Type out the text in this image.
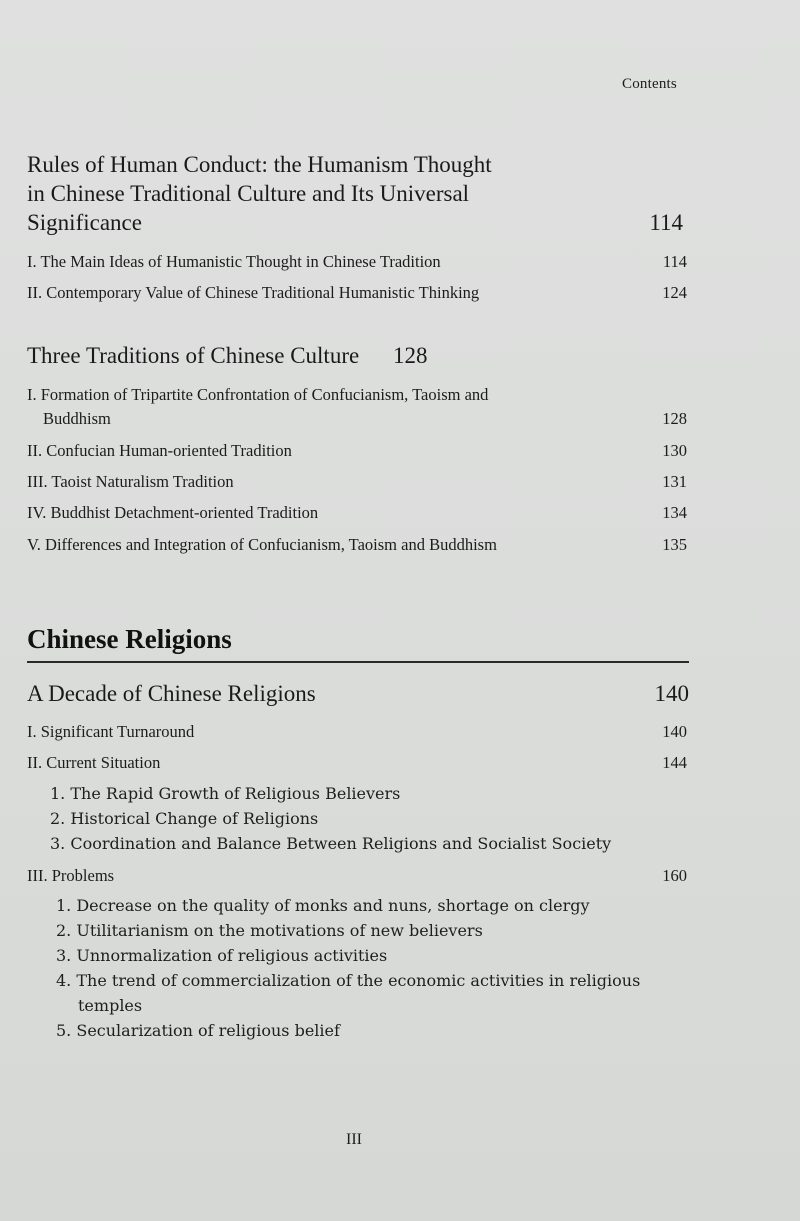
Contents
Rules of Human Conduct: the Humanism Thought
in Chinese Traditional Culture and Its Universal
Significance	114
I. The Main Ideas of Humanistic Thought in Chinese Tradition	114
II. Contemporary Value of Chinese Traditional Humanistic Thinking	124
Three Traditions of Chinese Culture 128
I. Formation of Tripartite Confrontation of Confucianism, Taoism and
Buddhism	128
II. Confucian Human-oriented Tradition	130
III. Taoist Naturalism Tradition	131
IV. Buddhist Detachment-oriented Tradition	134
V. Differences and Integration of Confucianism, Taoism and Buddhism	135
Chinese Religions
A Decade of Chinese Religions	140
I. Significant Turnaround	140
II. Current Situation	144
1. The Rapid Growth of Religious Believers
2. Historical Change of Religions
3. Coordination and Balance Between Religions and Socialist Society
III. Problems	160
1. Decrease on the quality of monks and nuns, shortage on clergy
2. Utilitarianism on the motivations of new believers
3. Unnormalization of religious activities
4. The trend of commercialization of the economic activities in religious
temples
5. Secularization of religious belief
III
